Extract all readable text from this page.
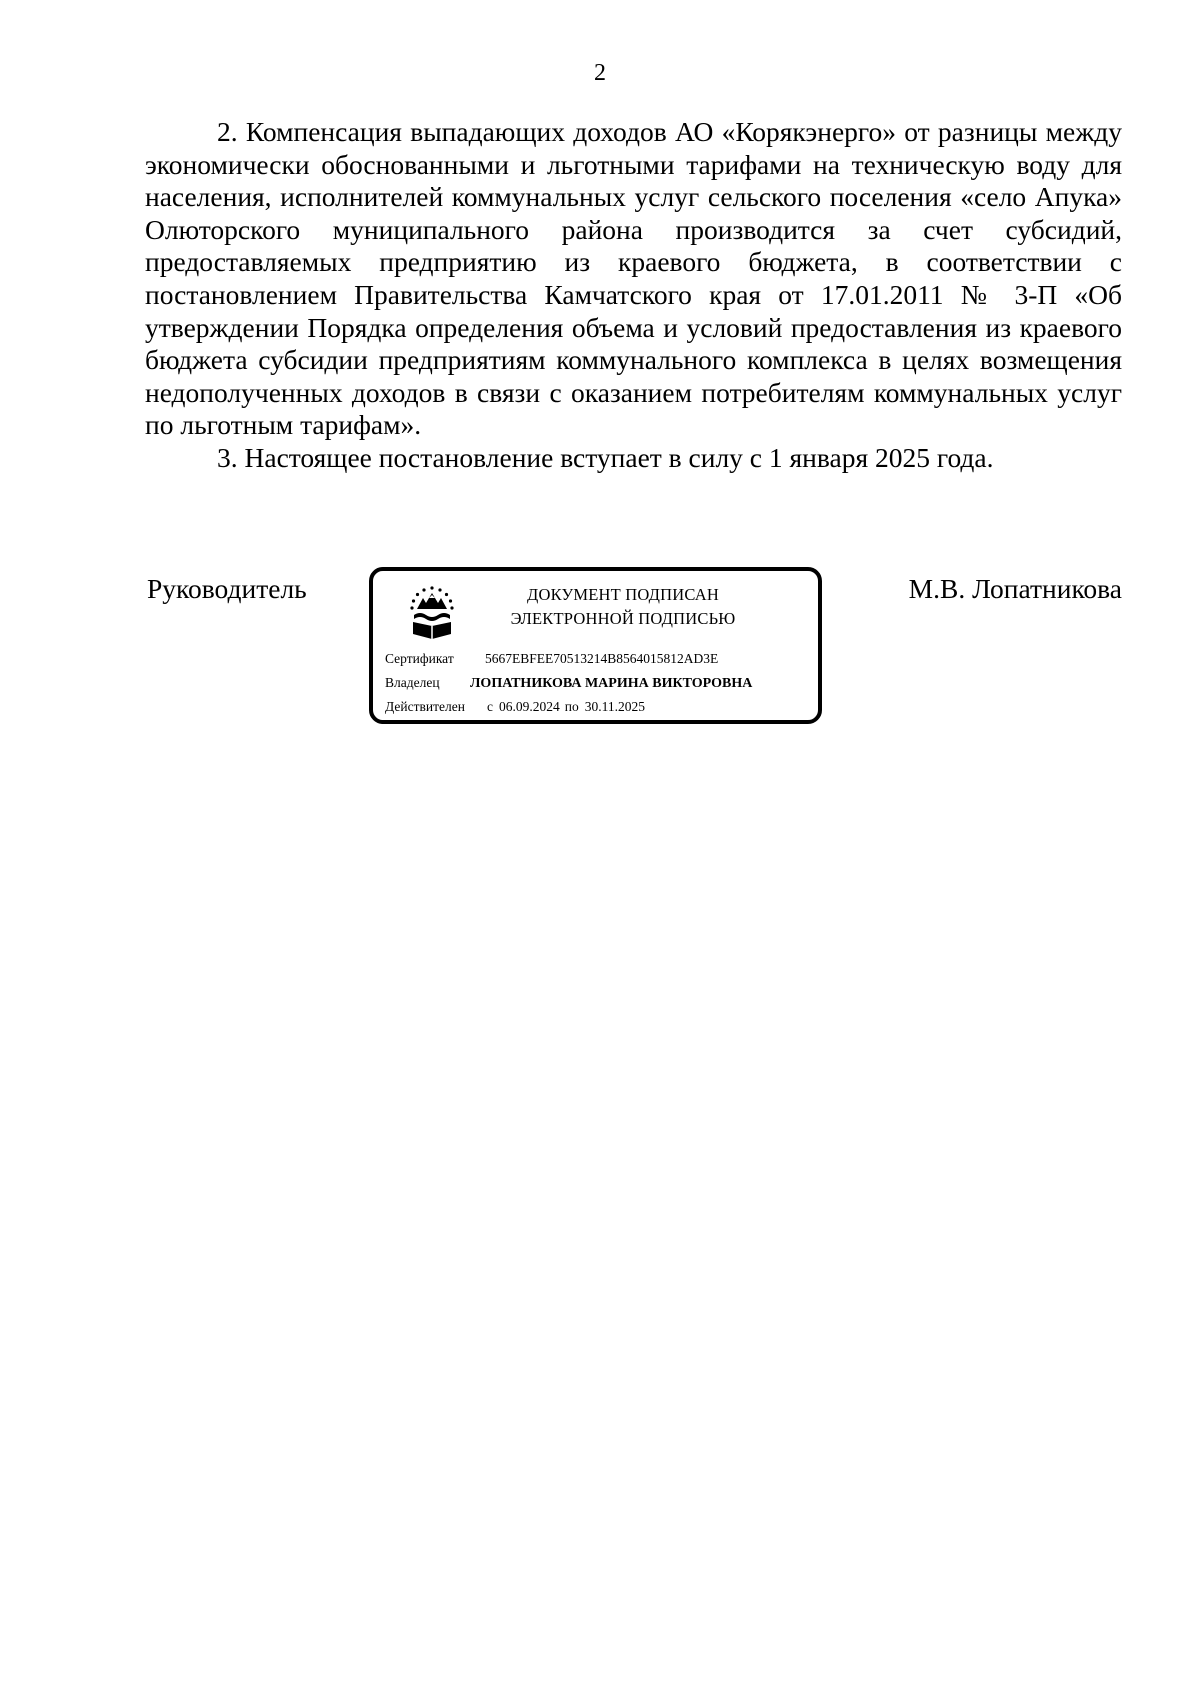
2

2. Компенсация выпадающих доходов АО «Корякэнерго» от разницы между экономически обоснованными и льготными тарифами на техническую воду для населения, исполнителей коммунальных услуг сельского поселения «село Апука» Олюторского муниципального района производится за счет субсидий, предоставляемых предприятию из краевого бюджета, в соответствии с постановлением Правительства Камчатского края от 17.01.2011 № 3-П «Об утверждении Порядка определения объема и условий предоставления из краевого бюджета субсидии предприятиям коммунального комплекса в целях возмещения недополученных доходов в связи с оказанием потребителям коммунальных услуг по льготным тарифам».

3. Настоящее постановление вступает в силу с 1 января 2025 года.

Руководитель	ДОКУМЕНТ ПОДПИСАН
ЭЛЕКТРОННОЙ ПОДПИСЬЮ
Сертификат 5667EBFEE70513214B8564015812AD3E
Владелец ЛОПАТНИКОВА МАРИНА ВИКТОРОВНА
Действителен с 06.09.2024 по 30.11.2025
М.В. Лопатникова
